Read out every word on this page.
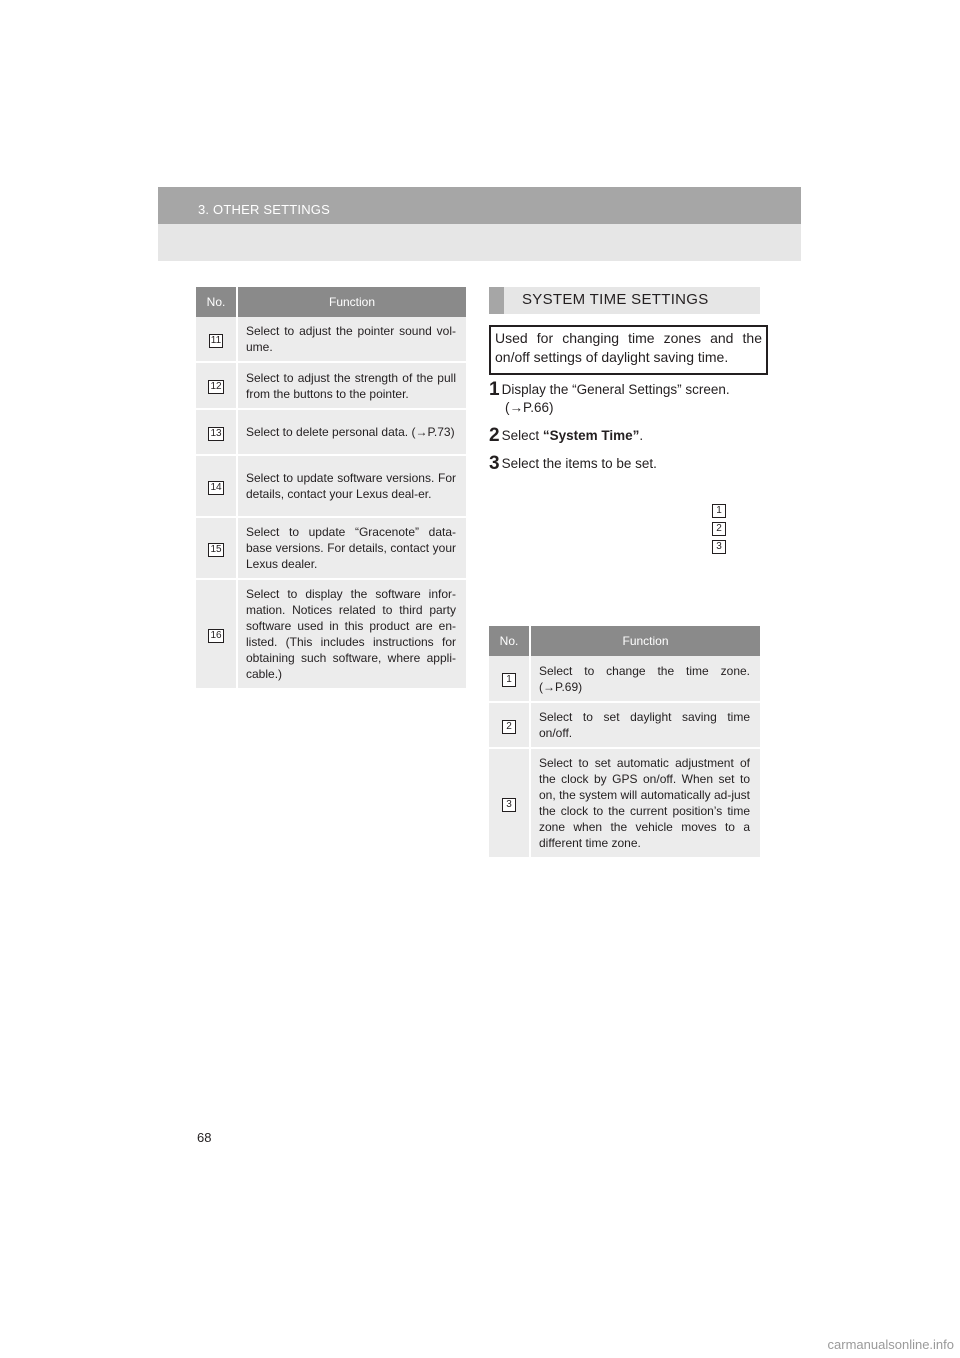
3. OTHER SETTINGS
No.	Function
11	Select to adjust the pointer sound vol-ume.
12	Select to adjust the strength of the pull from the buttons to the pointer.
13	Select to delete personal data. (→P.73)
14	Select to update software versions. For details, contact your Lexus deal-er.
15	Select to update “Gracenote” data-base versions. For details, contact your Lexus dealer.
16	Select to display the software infor-mation. Notices related to third party software used in this product are en-listed. (This includes instructions for obtaining such software, where appli-cable.)
SYSTEM TIME SETTINGS
Used for changing time zones and the on/off settings of daylight saving time.
1 Display the “General Settings” screen.
(→P.66)
2 Select “System Time”.
3 Select the items to be set.
1
2
3
No.	Function
1	Select to change the time zone. (→P.69)
2	Select to set daylight saving time on/off.
3	Select to set automatic adjustment of the clock by GPS on/off. When set to on, the system will automatically ad-just the clock to the current position’s time zone when the vehicle moves to a different time zone.
68
carmanualsonline.info
